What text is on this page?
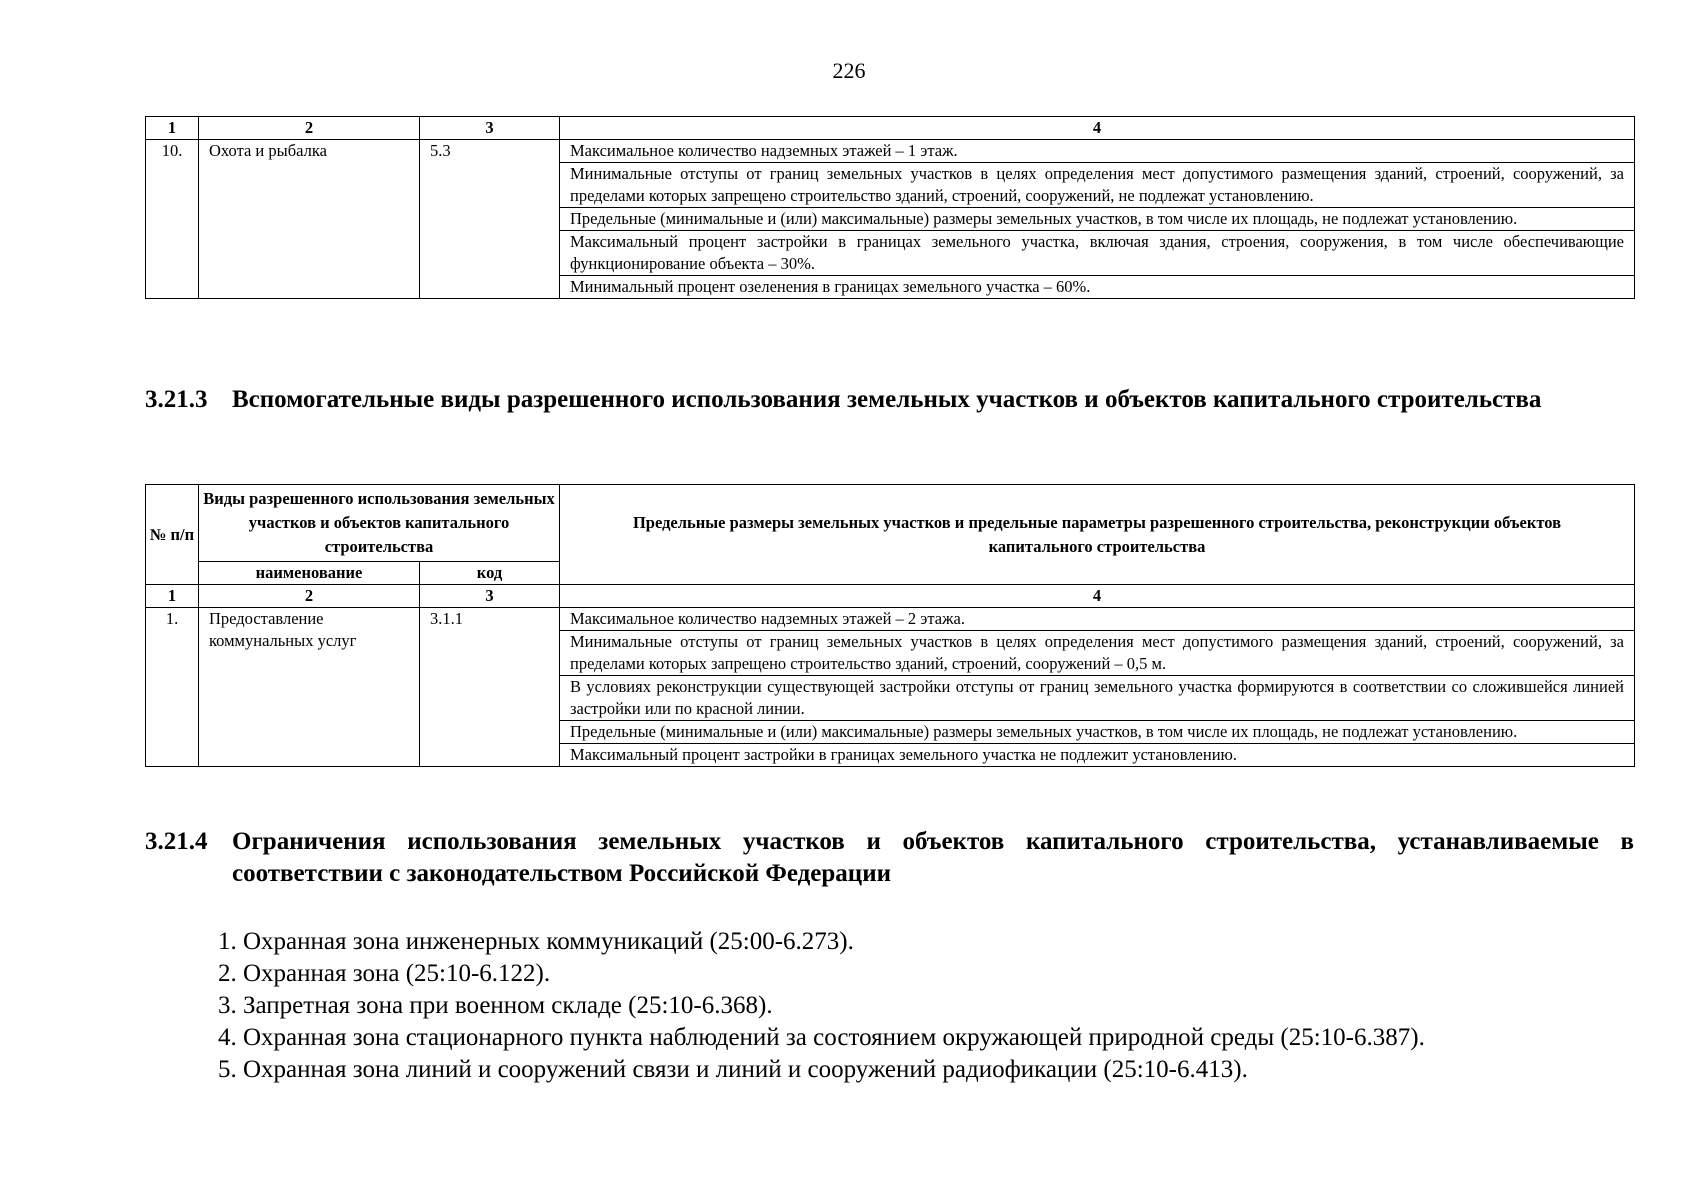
226
1	2	3	4
10.	Охота и рыбалка	5.3	Максимальное количество надземных этажей – 1 этаж.
			Минимальные отступы от границ земельных участков в целях определения мест допустимого размещения зданий, строений, сооружений, за пределами которых запрещено строительство зданий, строений, сооружений, не подлежат установлению.
			Предельные (минимальные и (или) максимальные) размеры земельных участков, в том числе их площадь, не подлежат установлению.
			Максимальный процент застройки в границах земельного участка, включая здания, строения, сооружения, в том числе обеспечивающие функционирование объекта – 30%.
			Минимальный процент озеленения в границах земельного участка – 60%.
3.21.3 Вспомогательные виды разрешенного использования земельных участков и объектов капитального строительства
№ п/п	Виды разрешенного использования земельных участков и объектов капитального строительства		Предельные размеры земельных участков и предельные параметры разрешенного строительства, реконструкции объектов капитального строительства
	наименование	код	
1	2	3	4
1.	Предоставление коммунальных услуг	3.1.1	Максимальное количество надземных этажей – 2 этажа.
			Минимальные отступы от границ земельных участков в целях определения мест допустимого размещения зданий, строений, сооружений, за пределами которых запрещено строительство зданий, строений, сооружений – 0,5 м.
			В условиях реконструкции существующей застройки отступы от границ земельного участка формируются в соответствии со сложившейся линией застройки или по красной линии.
			Предельные (минимальные и (или) максимальные) размеры земельных участков, в том числе их площадь, не подлежат установлению.
			Максимальный процент застройки в границах земельного участка не подлежит установлению.
3.21.4 Ограничения использования земельных участков и объектов капитального строительства, устанавливаемые в соответствии с законодательством Российской Федерации
1. Охранная зона инженерных коммуникаций (25:00-6.273).
2. Охранная зона (25:10-6.122).
3. Запретная зона при военном складе (25:10-6.368).
4. Охранная зона стационарного пункта наблюдений за состоянием окружающей природной среды (25:10-6.387).
5. Охранная зона линий и сооружений связи и линий и сооружений радиофикации (25:10-6.413).
